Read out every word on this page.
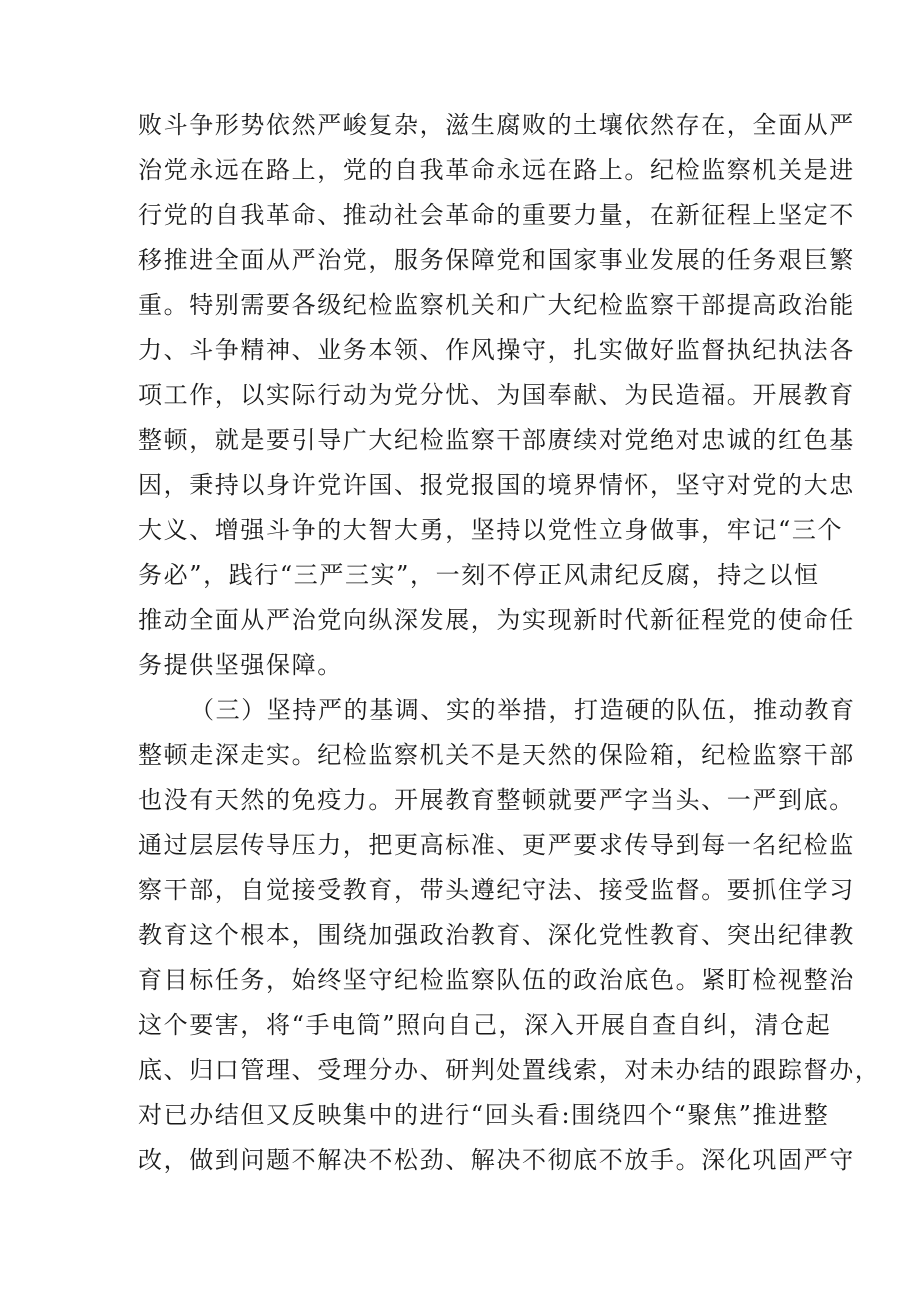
败斗争形势依然严峻复杂，滋生腐败的土壤依然存在，全面从严
治党永远在路上，党的自我革命永远在路上。纪检监察机关是进
行党的自我革命、推动社会革命的重要力量，在新征程上坚定不
移推进全面从严治党，服务保障党和国家事业发展的任务艰巨繁
重。特别需要各级纪检监察机关和广大纪检监察干部提高政治能
力、斗争精神、业务本领、作风操守，扎实做好监督执纪执法各
项工作，以实际行动为党分忧、为国奉献、为民造福。开展教育
整顿，就是要引导广大纪检监察干部赓续对党绝对忠诚的红色基
因，秉持以身许党许国、报党报国的境界情怀，坚守对党的大忠
大义、增强斗争的大智大勇，坚持以党性立身做事，牢记“三个
务必”，践行“三严三实”，一刻不停正风肃纪反腐，持之以恒
推动全面从严治党向纵深发展，为实现新时代新征程党的使命任
务提供坚强保障。
（三）坚持严的基调、实的举措，打造硬的队伍，推动教育
整顿走深走实。纪检监察机关不是天然的保险箱，纪检监察干部
也没有天然的免疫力。开展教育整顿就要严字当头、一严到底。
通过层层传导压力，把更高标准、更严要求传导到每一名纪检监
察干部，自觉接受教育，带头遵纪守法、接受监督。要抓住学习
教育这个根本，围绕加强政治教育、深化党性教育、突出纪律教
育目标任务，始终坚守纪检监察队伍的政治底色。紧盯检视整治
这个要害，将“手电筒”照向自己，深入开展自查自纠，清仓起
底、归口管理、受理分办、研判处置线索，对未办结的跟踪督办，
对已办结但又反映集中的进行“回头看:围绕四个“聚焦”推进整
改，做到问题不解决不松劲、解决不彻底不放手。深化巩固严守
